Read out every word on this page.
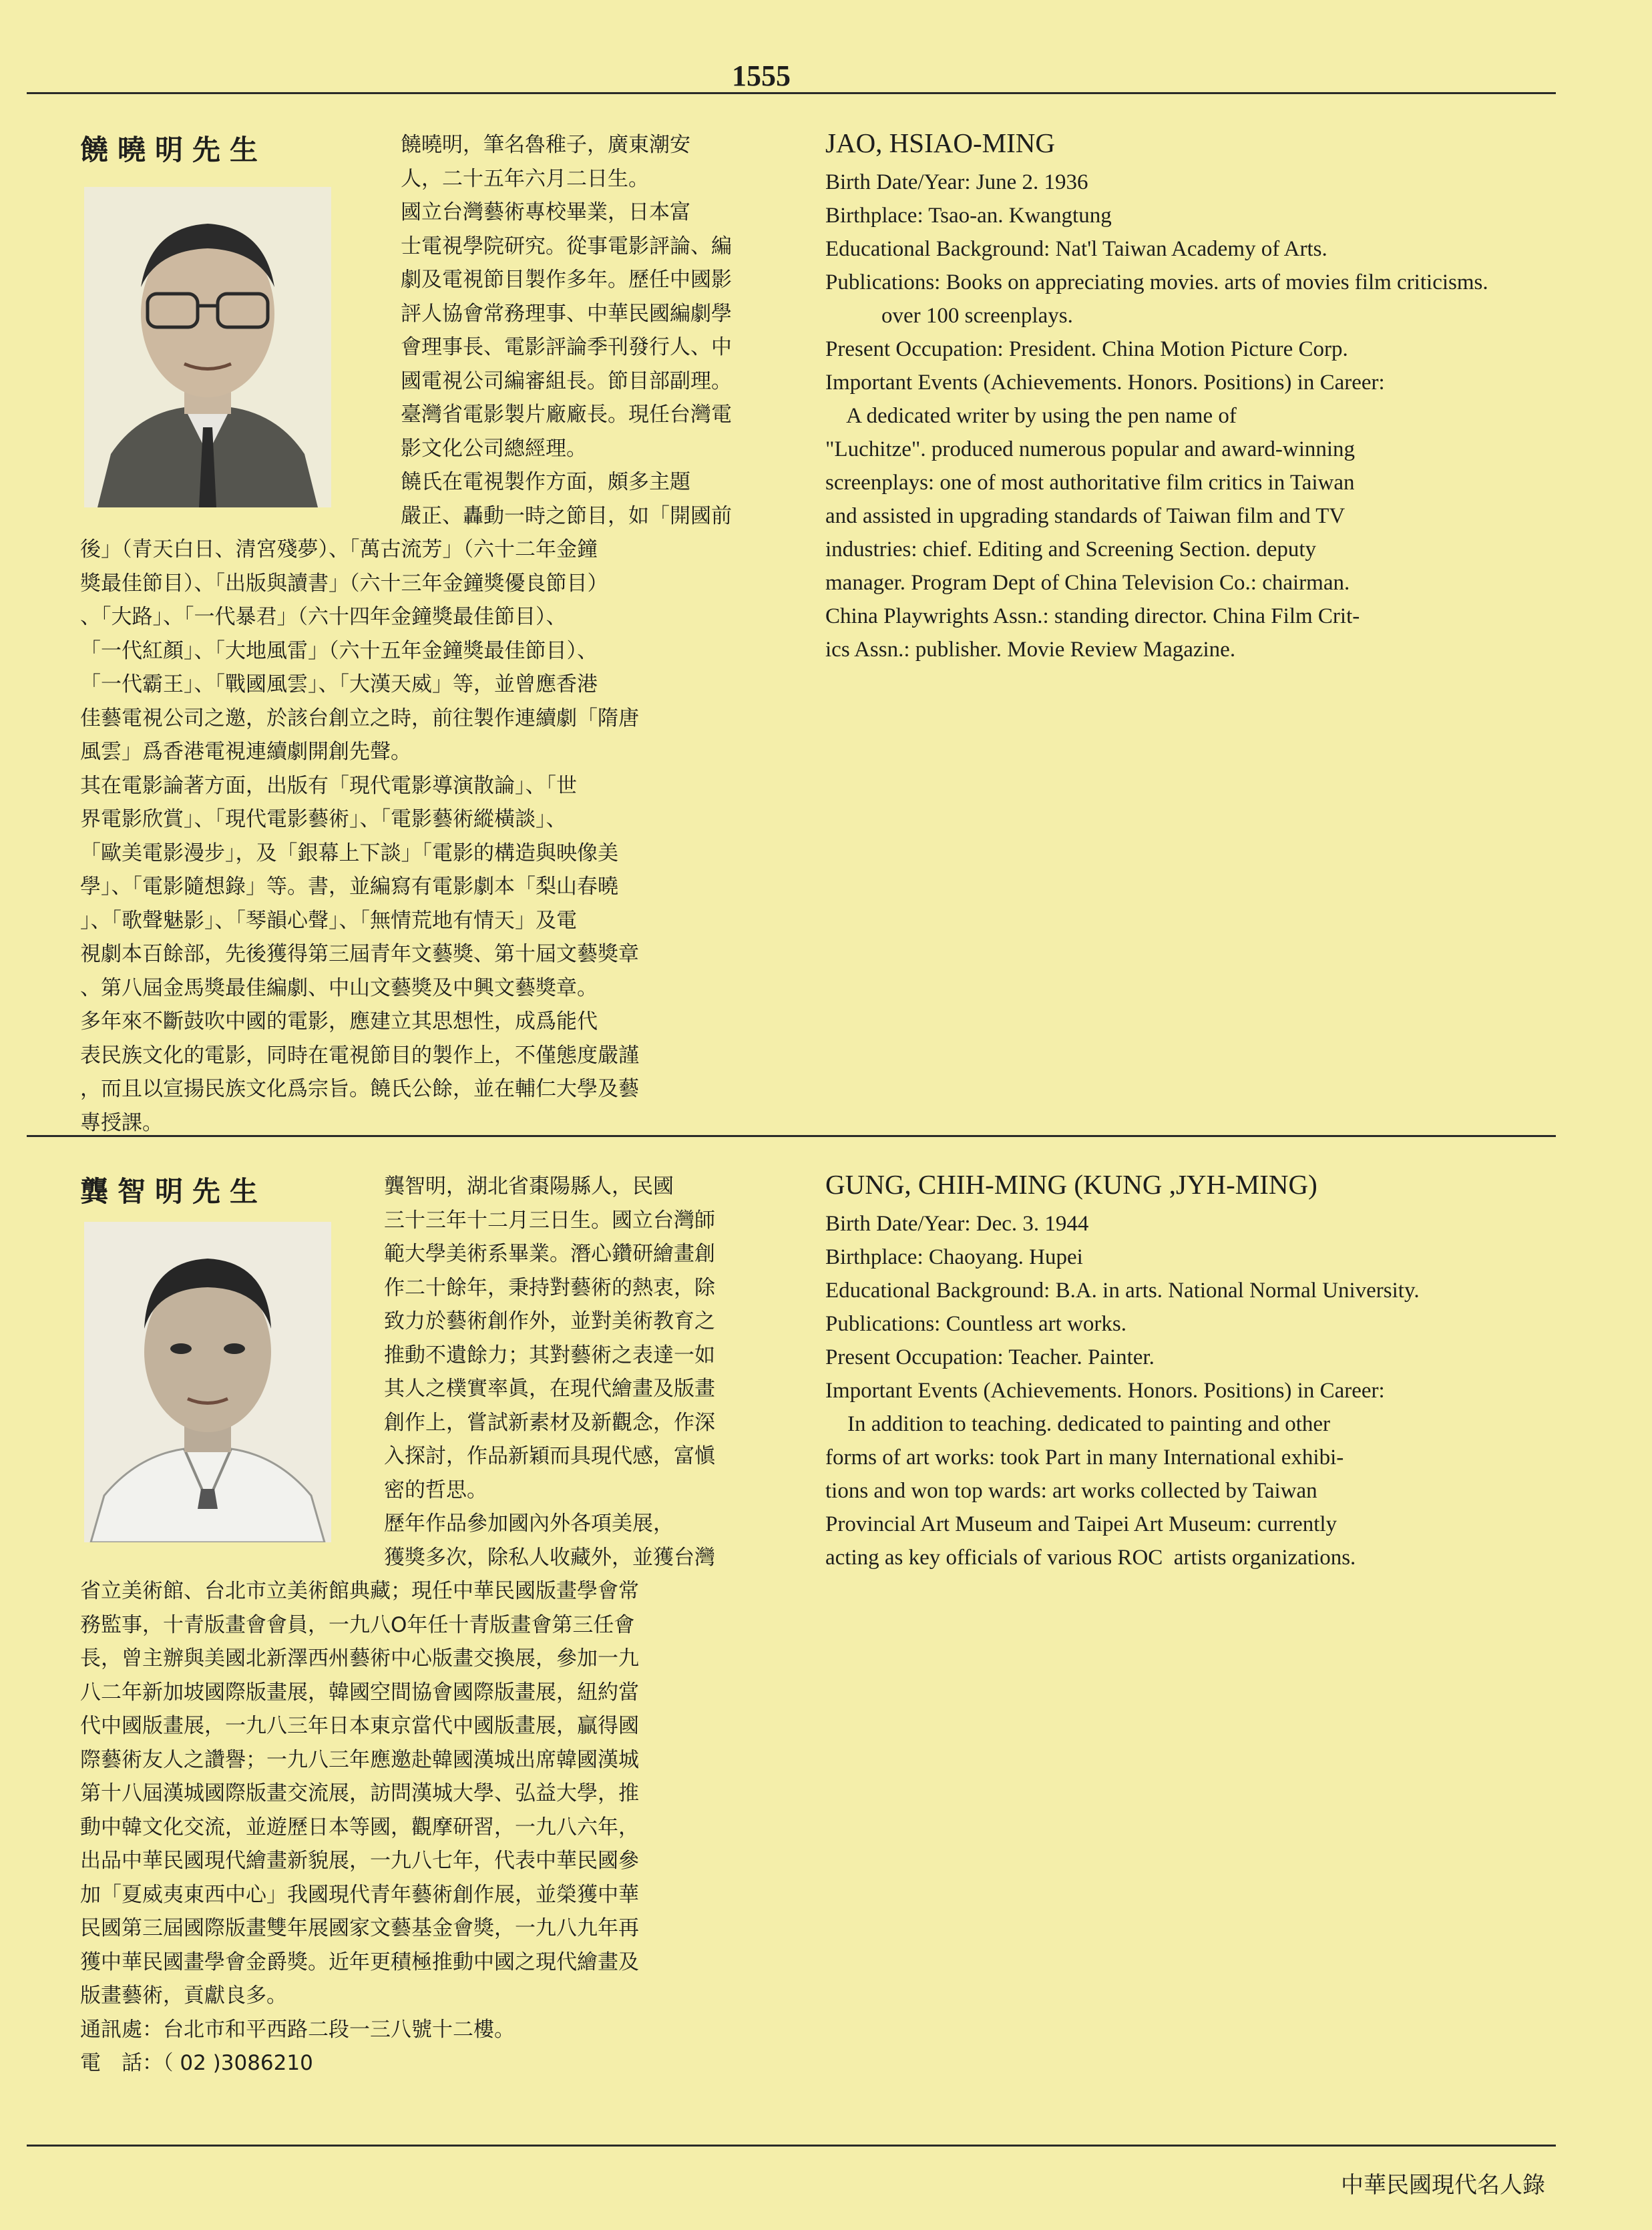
1555
饒曉明先生	饒曉明，筆名魯稚子，廣東潮安
人，二十五年六月二日生。
國立台灣藝術專校畢業，日本富
士電視學院研究。從事電影評論、編
劇及電視節目製作多年。歷任中國影
評人協會常務理事、中華民國編劇學
會理事長、電影評論季刊發行人、中
國電視公司編審組長。節目部副理。
臺灣省電影製片廠廠長。現任台灣電
影文化公司總經理。
饒氏在電視製作方面，頗多主題
嚴正、轟動一時之節目，如「開國前
後」（青天白日、清宮殘夢）、「萬古流芳」（六十二年金鐘
獎最佳節目）、「出版與讀書」（六十三年金鐘獎優良節目）
、「大路」、「一代暴君」（六十四年金鐘獎最佳節目）、
「一代紅顏」、「大地風雷」（六十五年金鐘獎最佳節目）、
「一代霸王」、「戰國風雲」、「大漢天威」等，並曾應香港
佳藝電視公司之邀，於該台創立之時，前往製作連續劇「隋唐
風雲」爲香港電視連續劇開創先聲。
其在電影論著方面，出版有「現代電影導演散論」、「世
界電影欣賞」、「現代電影藝術」、「電影藝術縱橫談」、
「歐美電影漫步」，及「銀幕上下談」「電影的構造與映像美
學」、「電影隨想錄」等。書，並編寫有電影劇本「梨山春曉
」、「歌聲魅影」、「琴韻心聲」、「無情荒地有情天」及電
視劇本百餘部，先後獲得第三屆青年文藝獎、第十屆文藝獎章
、第八屆金馬獎最佳編劇、中山文藝獎及中興文藝獎章。
多年來不斷鼓吹中國的電影，應建立其思想性，成爲能代
表民族文化的電影，同時在電視節目的製作上，不僅態度嚴謹
，而且以宣揚民族文化爲宗旨。饒氏公餘，並在輔仁大學及藝
專授課。
JAO, HSIAO-MING
Birth Date/Year: June 2. 1936
Birthplace: Tsao-an. Kwangtung
Educational Background: Nat'l Taiwan Academy of Arts.
Publications: Books on appreciating movies. arts of movies film criticisms. over 100 screenplays.
Present Occupation: President. China Motion Picture Corp.
Important Events (Achievements. Honors. Positions) in Career:
A dedicated writer by using the pen name of
"Luchitze". produced numerous popular and award-winning
screenplays: one of most authoritative film critics in Taiwan
and assisted in upgrading standards of Taiwan film and TV
industries: chief. Editing and Screening Section. deputy
manager. Program Dept of China Television Co.: chairman.
China Playwrights Assn.: standing director. China Film Crit-
ics Assn.: publisher. Movie Review Magazine.
龔智明先生	龔智明，湖北省棗陽縣人，民國
三十三年十二月三日生。國立台灣師
範大學美術系畢業。潛心鑽研繪畫創
作二十餘年，秉持對藝術的熱衷，除
致力於藝術創作外，並對美術教育之
推動不遺餘力；其對藝術之表達一如
其人之樸實率眞，在現代繪畫及版畫
創作上，嘗試新素材及新觀念，作深
入探討，作品新穎而具現代感，富愼
密的哲思。
歷年作品參加國內外各項美展，
獲獎多次，除私人收藏外，並獲台灣
省立美術館、台北市立美術館典藏；現任中華民國版畫學會常
務監事，十青版畫會會員，一九八O年任十青版畫會第三任會
長，曾主辦與美國北新澤西州藝術中心版畫交換展，參加一九
八二年新加坡國際版畫展，韓國空間協會國際版畫展，紐約當
代中國版畫展，一九八三年日本東京當代中國版畫展，贏得國
際藝術友人之讚譽；一九八三年應邀赴韓國漢城出席韓國漢城
第十八屆漢城國際版畫交流展，訪問漢城大學、弘益大學，推
動中韓文化交流，並遊歷日本等國，觀摩研習，一九八六年，
出品中華民國現代繪畫新貌展，一九八七年，代表中華民國參
加「夏威夷東西中心」我國現代青年藝術創作展，並榮獲中華
民國第三屆國際版畫雙年展國家文藝基金會獎，一九八九年再
獲中華民國畫學會金爵獎。近年更積極推動中國之現代繪畫及
版畫藝術，貢獻良多。
通訊處：台北市和平西路二段一三八號十二樓。
電　話：（ 02 )3086210
GUNG, CHIH-MING (KUNG ,JYH-MING)
Birth Date/Year: Dec. 3. 1944
Birthplace: Chaoyang. Hupei
Educational Background: B.A. in arts. National Normal University.
Publications: Countless art works.
Present Occupation: Teacher. Painter.
Important Events (Achievements. Honors. Positions) in Career:
In addition to teaching. dedicated to painting and other
forms of art works: took Part in many International exhibi-
tions and won top wards: art works collected by Taiwan
Provincial Art Museum and Taipei Art Museum: currently
acting as key officials of various ROC  artists organizations.
中華民國現代名人錄
